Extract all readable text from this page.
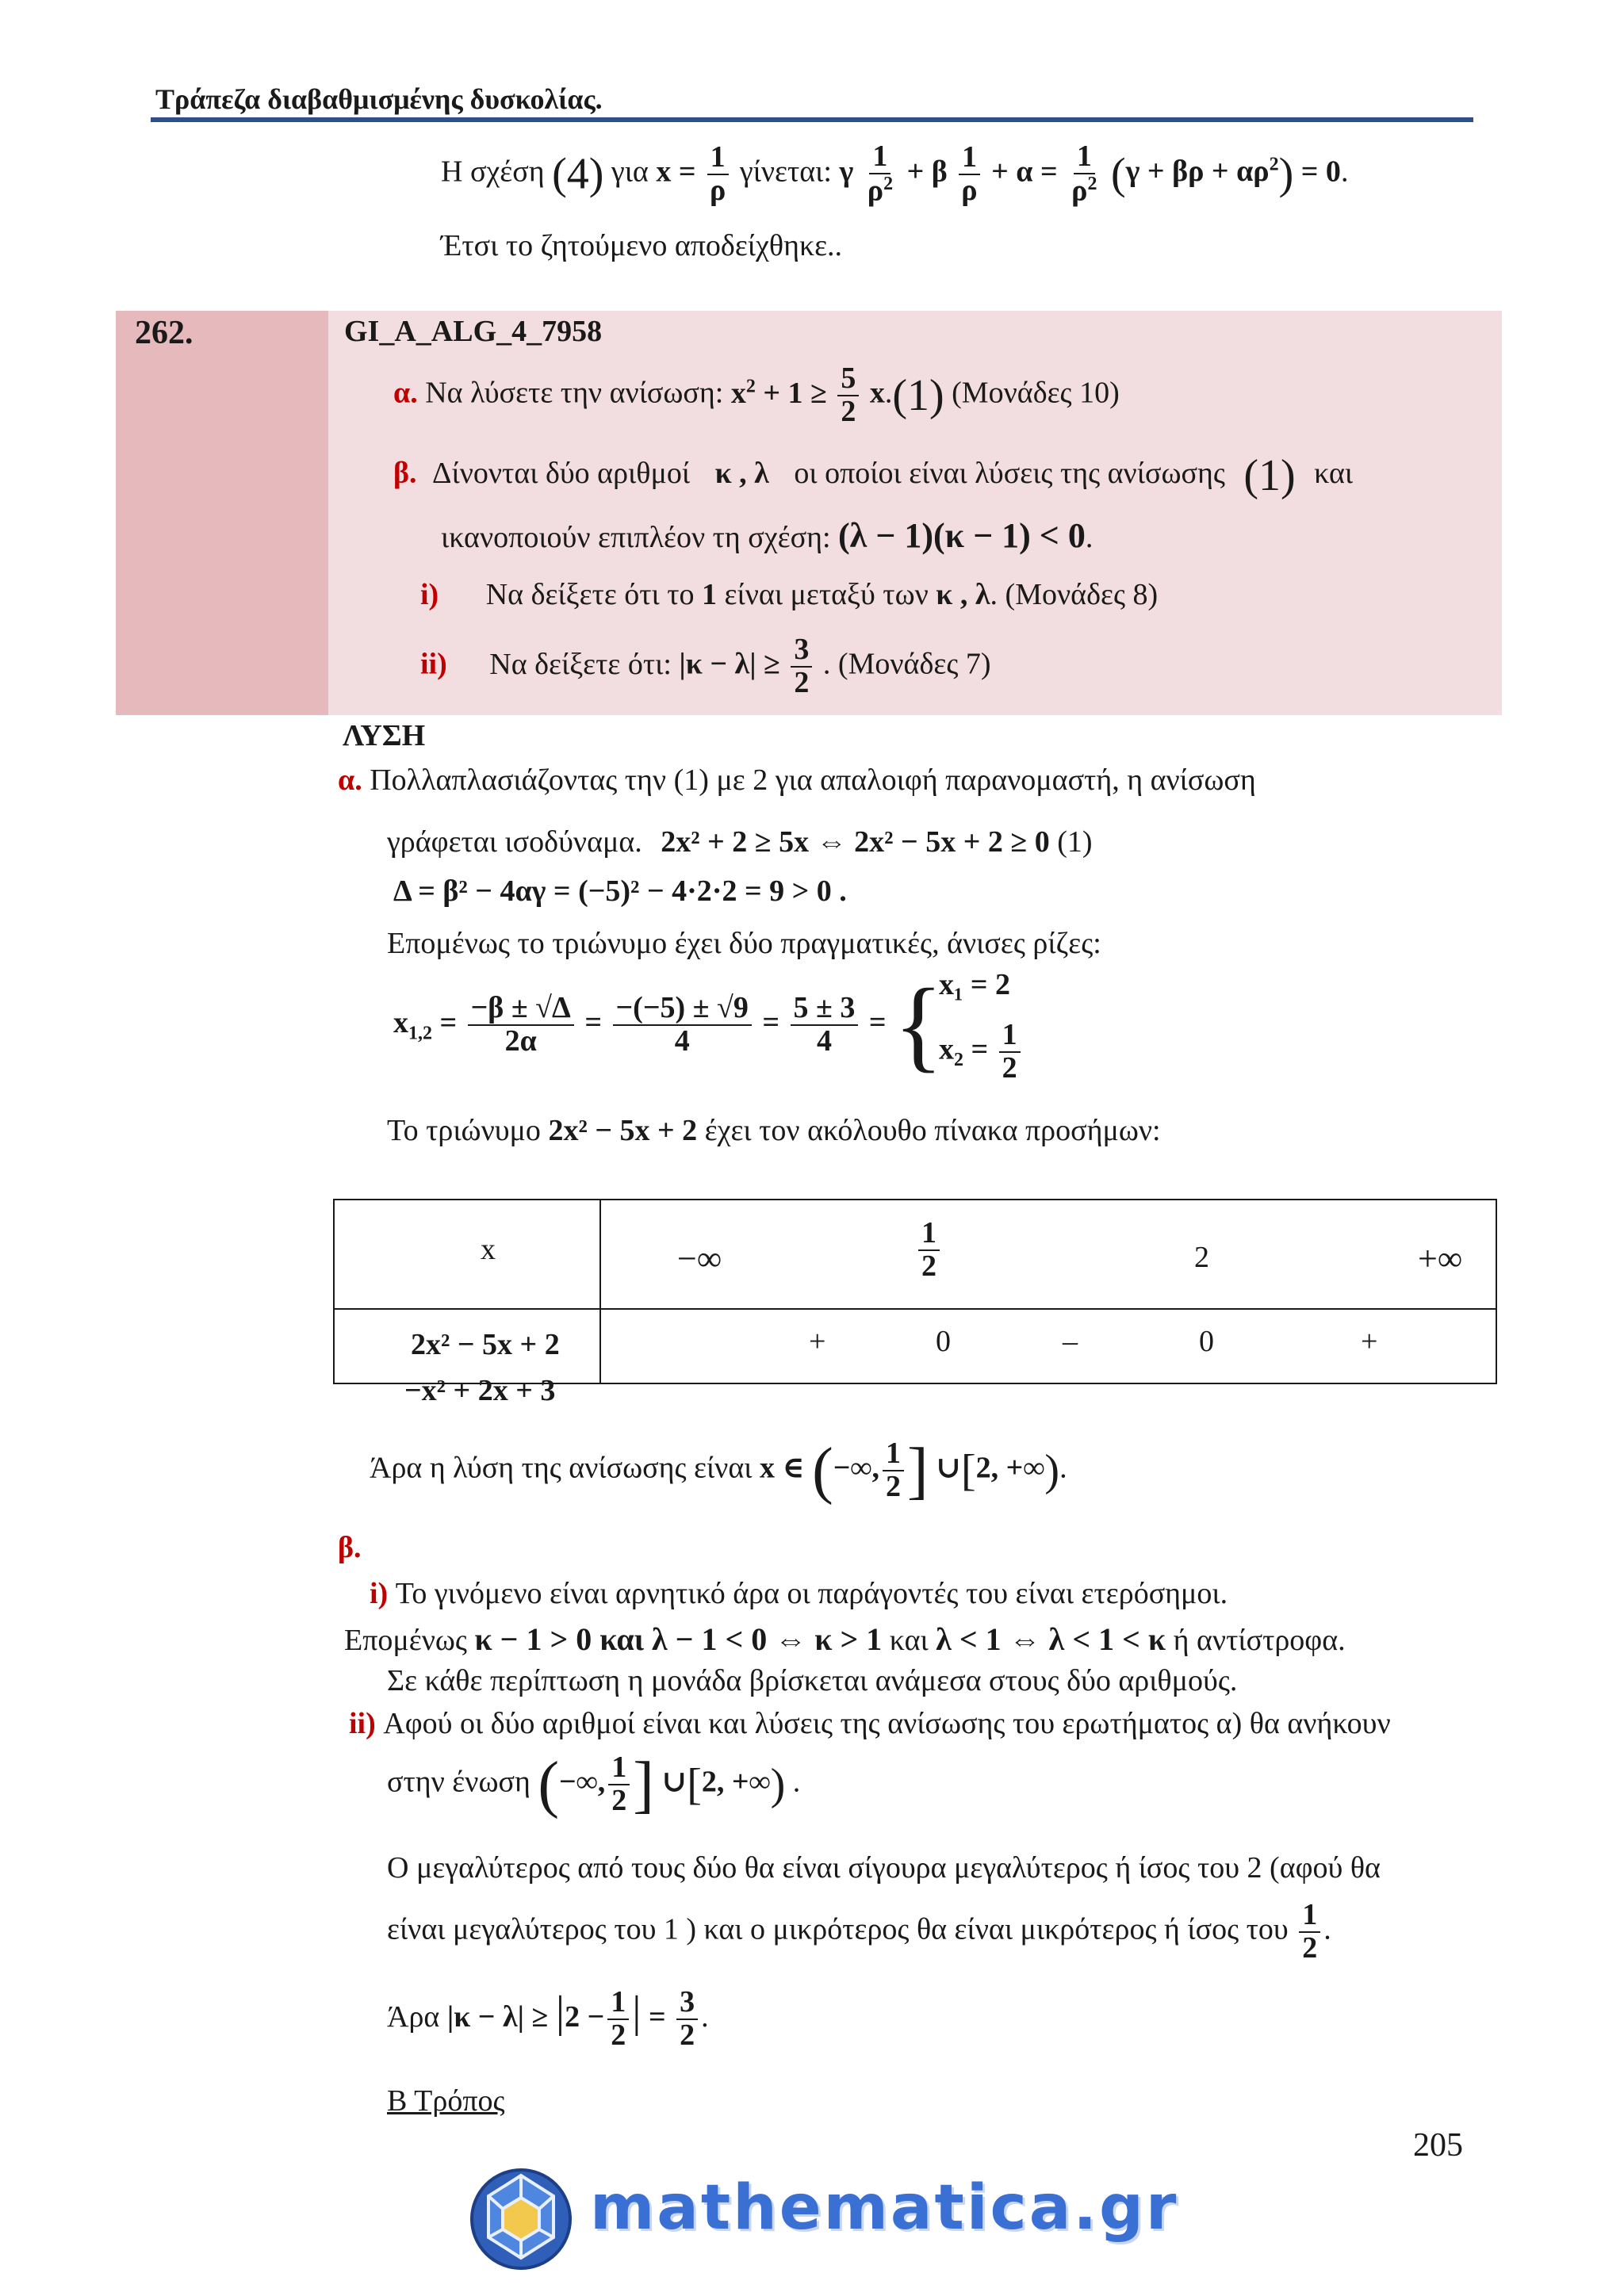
Τράπεζα διαβαθμισμένης δυσκολίας.
Η σχέση (4) για $x = \frac{1}{\rho} \gamma ί\nu\varepsilon\tau\alpha\iota$: γ $\frac{1}{\rho^2} + \beta \frac{1}{\rho} + \alpha = \frac{1}{\rho^2} (\gamma + \beta\rho + \alpha\rho^2) = 0$.
Έτσι το ζητούμενο αποδείχθηκε..
262.	GI_A_ALG_4_7958
α. Να λύσετε την ανίσωση: $x^2 + 1 \ge \frac{5}{2} x.(1)$ (Μονάδες 10)
β. Δίνονται δύο αριθμοί κ , λ οι οποίοι είναι λύσεις της ανίσωσης (1) και
ικανοποιούν επιπλέον τη σχέση: (λ − 1)(κ − 1) < 0.
i) Να δείξετε ότι το 1 είναι μεταξύ των κ , λ. (Μονάδες 8)
ii) Να δείξετε ότι: $|\kappa - \lambda| \ge \frac{3}{2}$ . (Μονάδες 7)
ΛΥΣΗ
α. Πολλαπλασιάζοντας την (1) με 2 για απαλοιφή παρανομαστή, η ανίσωση
γράφεται ισοδύναμα. 2x² + 2 ≥ 5x ⇔ 2x² − 5x + 2 ≥ 0 (1)
Δ = β² − 4αγ = (−5)² − 4·2·2 = 9 > 0 .
Επομένως το τριώνυμο έχει δύο πραγματικές, άνισες ρίζες:
$x_{1,2} = \frac{-\beta \pm √\Delta}{2\alpha} = \frac{-(-5) \pm √9}{4} = \frac{5 \pm 3}{4}$ = {
x₁ = 2
$x_2 = \frac{1}{2}$
Το τριώνυμο 2x² − 5x + 2 έχει τον ακόλουθο πίνακα προσήμων:
x	−∞	$\frac{1}{2}$	2	+∞
2x² − 5x + 2	+	0	–	0	+
−x² + 2x + 3
Άρα η λύση της ανίσωσης είναι x ∈ (−∞, $\frac{1}{2}$ ] ∪[2, +∞).
β.
i) Το γινόμενο είναι αρνητικό άρα οι παράγοντές του είναι ετερόσημοι.
Επομένως κ − 1 > 0 και λ − 1 < 0 ⇔ κ > 1 και λ < 1 ⇔ λ < 1 < κ ή αντίστροφα.
Σε κάθε περίπτωση η μονάδα βρίσκεται ανάμεσα στους δύο αριθμούς.
ii) Αφού οι δύο αριθμοί είναι και λύσεις της ανίσωσης του ερωτήματος α) θα ανήκουν
στην ένωση (−∞, $\frac{1}{2}$ ] ∪[2, +∞) .
Ο μεγαλύτερος από τους δύο θα είναι σίγουρα μεγαλύτερος ή ίσος του 2 (αφού θα
είναι μεγαλύτερος του 1 ) και ο μικρότερος θα είναι μικρότερος ή ίσος του $\frac{1}{2}$ .
Άρα $|\kappa - \lambda| \ge |2 - \frac{1}{2}$ | = $\frac{3}{2}$ .
Β Τρόπος
205
mathematica.gr
